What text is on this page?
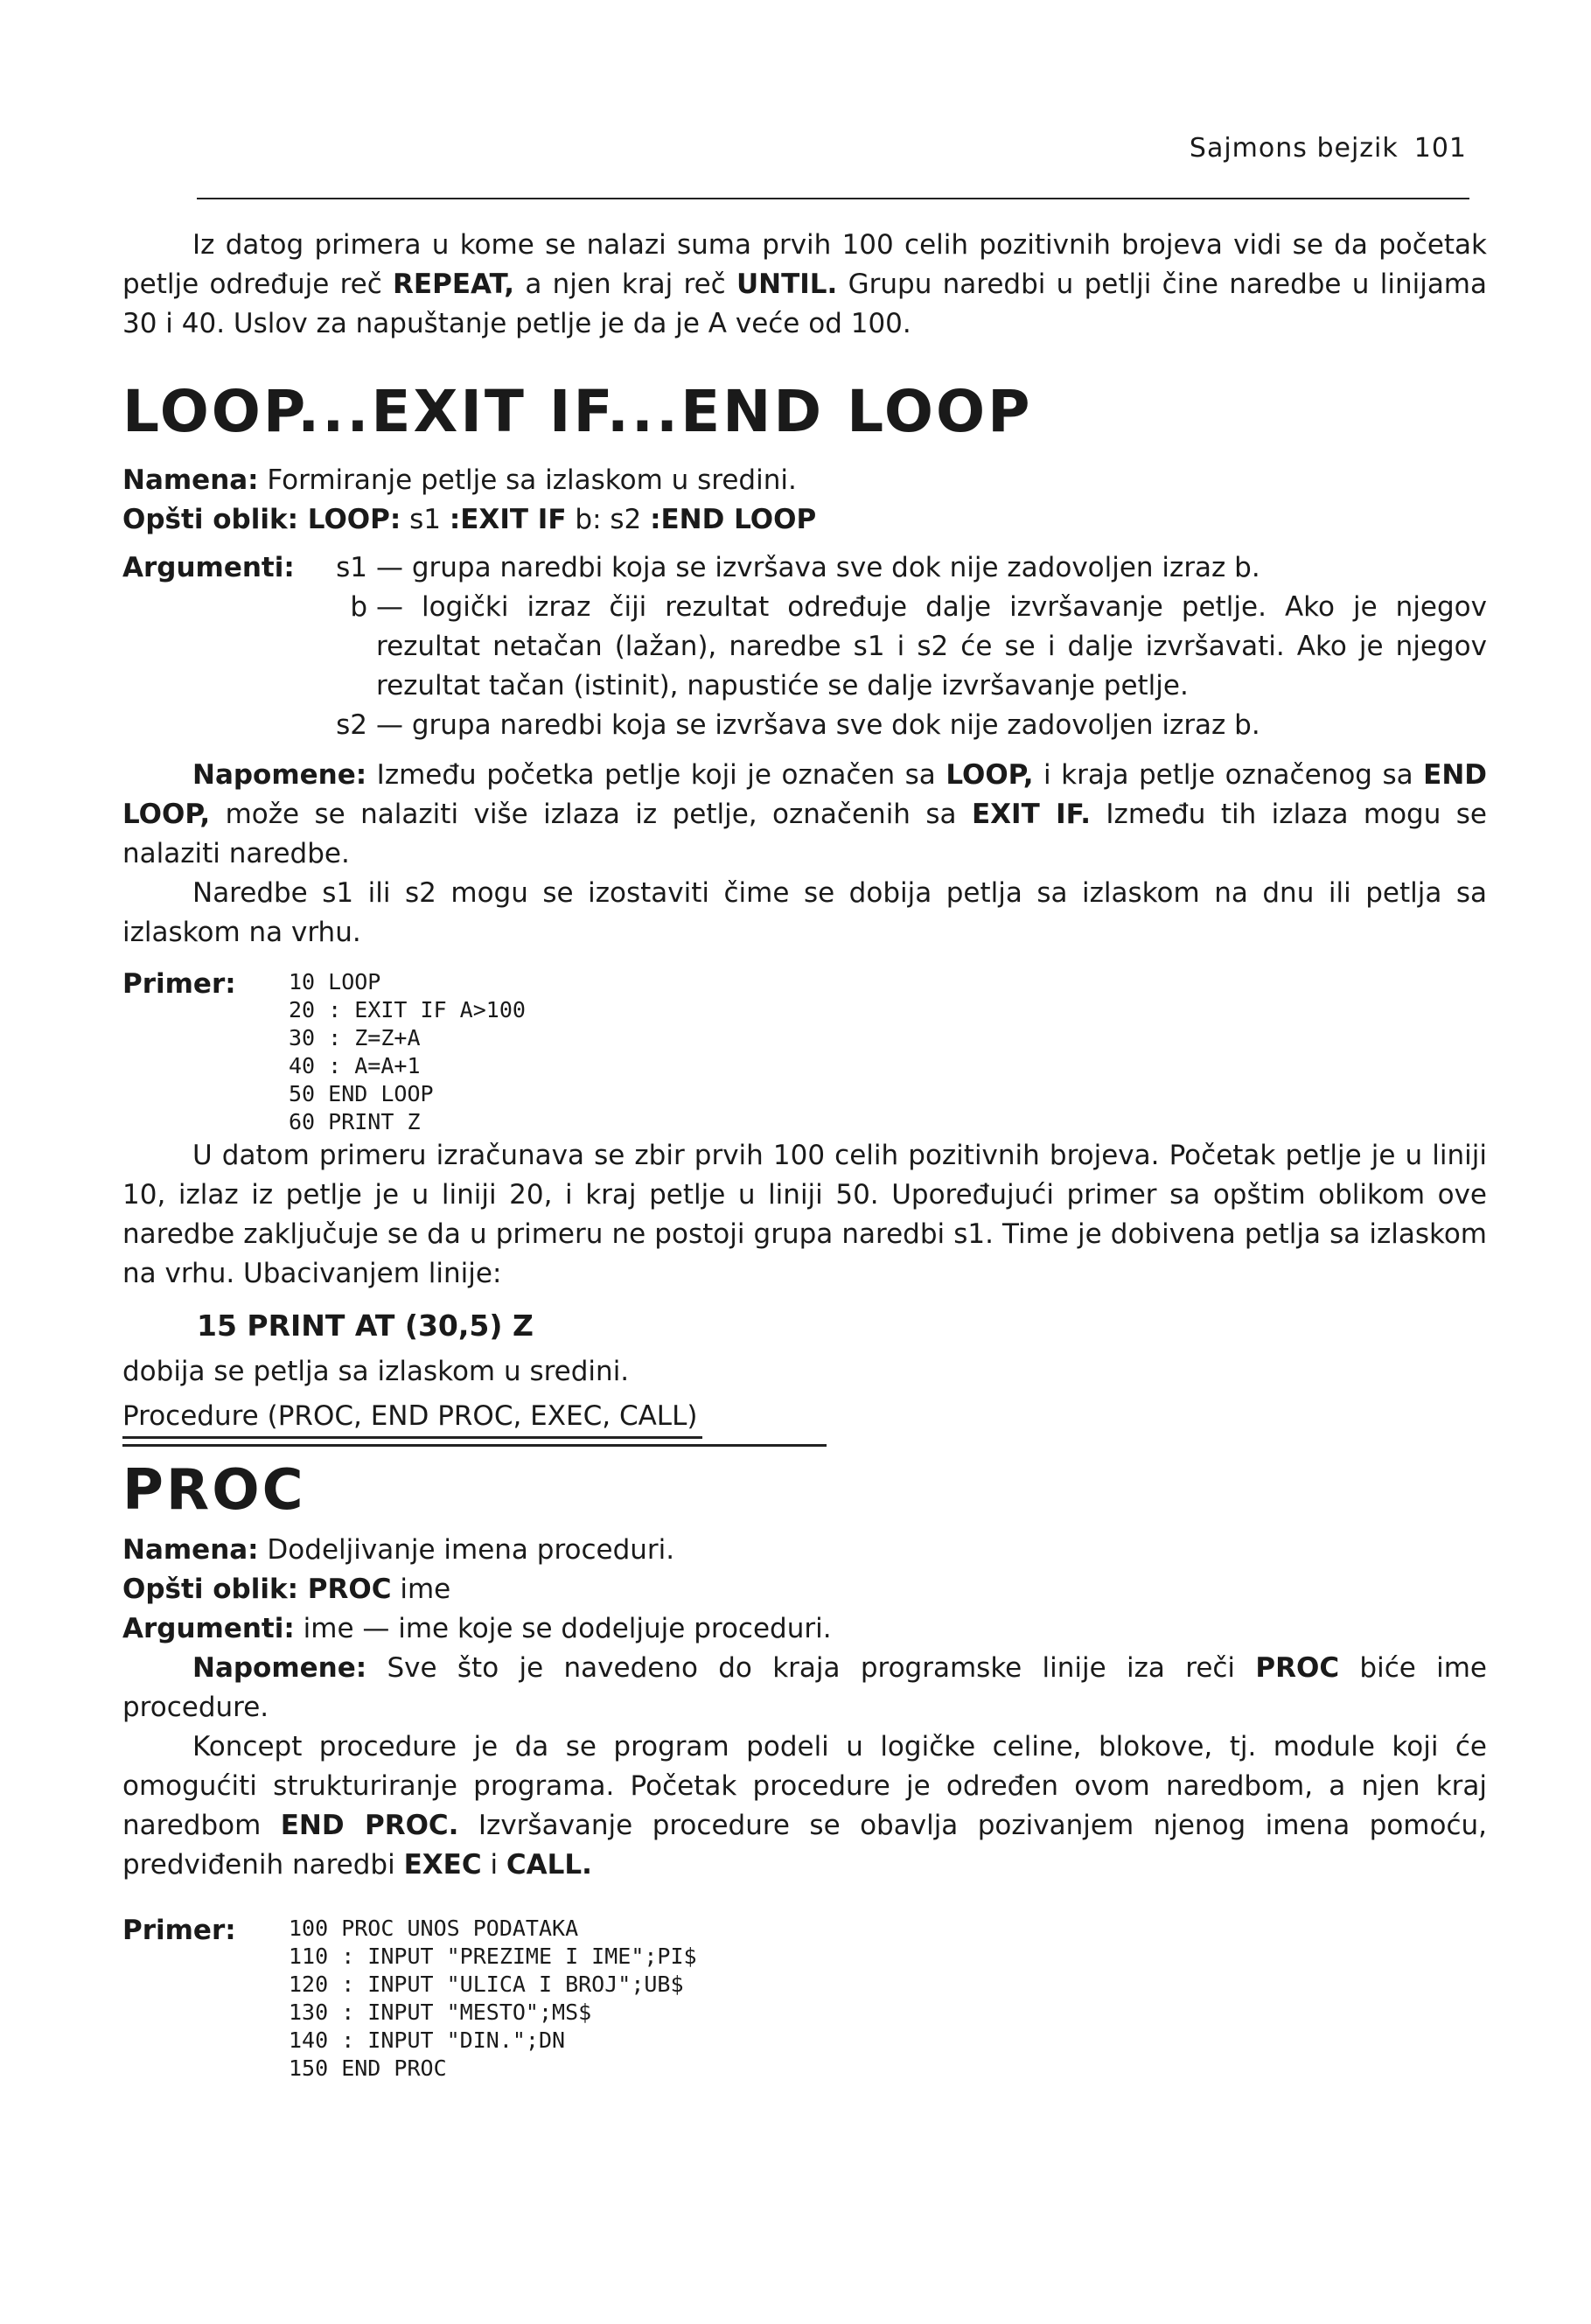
Sajmons bejzik 101

Iz datog primera u kome se nalazi suma prvih 100 celih pozitivnih brojeva vidi se da početak petlje određuje reč REPEAT, a njen kraj reč UNTIL. Grupu naredbi u petlji čine naredbe u linijama 30 i 40. Uslov za napuštanje petlje je da je A veće od 100.

LOOP...EXIT IF...END LOOP

Namena: Formiranje petlje sa izlaskom u sredini.

Opšti oblik: LOOP: s1 :EXIT IF b: s2 :END LOOP

Argumenti:	s1 — grupa naredbi koja se izvršava sve dok nije zadovoljen izraz b.
b — logički izraz čiji rezultat određuje dalje izvršavanje petlje. Ako je njegov rezultat netačan (lažan), naredbe s1 i s2 će se i dalje izvršavati. Ako je njegov rezultat tačan (istinit), napustiće se dalje izvršavanje petlje.
s2 — grupa naredbi koja se izvršava sve dok nije zadovoljen izraz b.

Napomene: Između početka petlje koji je označen sa LOOP, i kraja petlje označenog sa END LOOP, može se nalaziti više izlaza iz petlje, označenih sa EXIT IF. Između tih izlaza mogu se nalaziti naredbe.

Naredbe s1 ili s2 mogu se izostaviti čime se dobija petlja sa izlaskom na dnu ili petlja sa izlaskom na vrhu.

Primer:	10 LOOP
20 : EXIT IF A>100
30 : Z=Z+A
40 : A=A+1
50 END LOOP
60 PRINT Z

U datom primeru izračunava se zbir prvih 100 celih pozitivnih brojeva. Početak petlje je u liniji 10, izlaz iz petlje je u liniji 20, i kraj petlje u liniji 50. Upoređujući primer sa opštim oblikom ove naredbe zaključuje se da u primeru ne postoji grupa naredbi s1. Time je dobivena petlja sa izlaskom na vrhu. Ubacivanjem linije:

15 PRINT AT (30,5) Z

dobija se petlja sa izlaskom u sredini.

Procedure (PROC, END PROC, EXEC, CALL)
PROC

Namena: Dodeljivanje imena proceduri.

Opšti oblik: PROC ime

Argumenti: ime — ime koje se dodeljuje proceduri.

Napomene: Sve što je navedeno do kraja programske linije iza reči PROC biće ime procedure.

Koncept procedure je da se program podeli u logičke celine, blokove, tj. module koji će omogućiti strukturiranje programa. Početak procedure je određen ovom naredbom, a njen kraj naredbom END PROC. Izvršavanje procedure se obavlja pozivanjem njenog imena pomoću, predviđenih naredbi EXEC i CALL.

Primer:	100 PROC UNOS PODATAKA
110 : INPUT "PREZIME I IME";PI$
120 : INPUT "ULICA I BROJ";UB$
130 : INPUT "MESTO";MS$
140 : INPUT "DIN.";DN
150 END PROC
